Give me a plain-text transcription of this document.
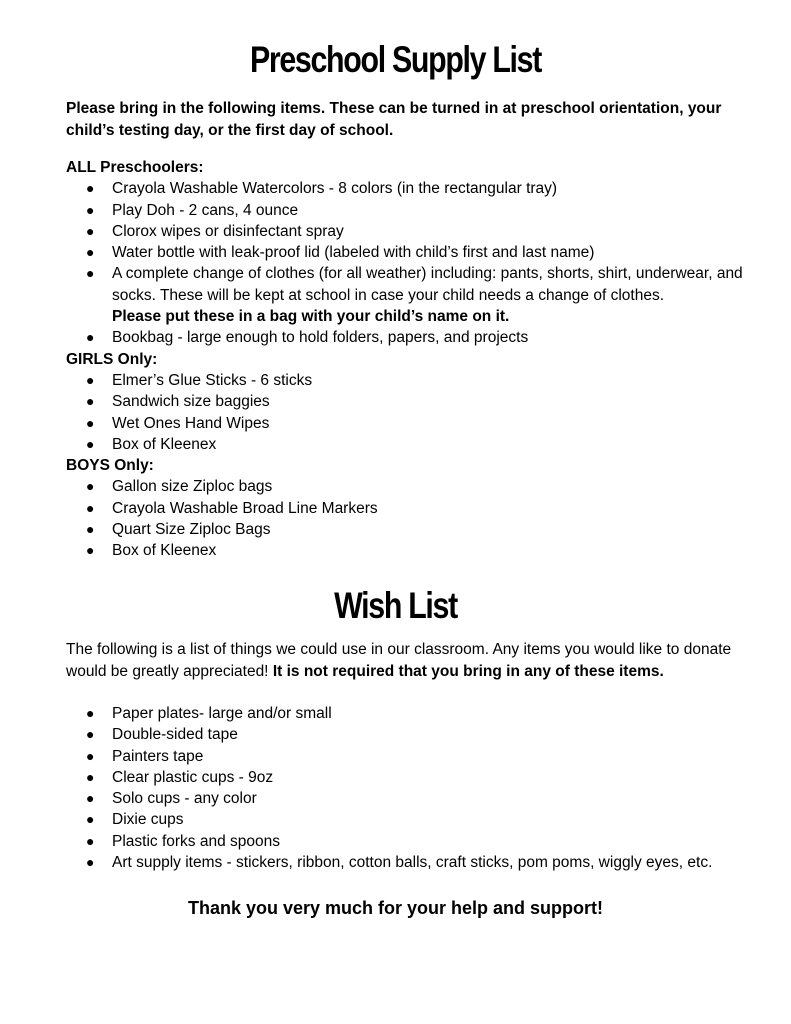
Preschool Supply List

Please bring in the following items. These can be turned in at preschool orientation, your child’s testing day, or the first day of school.

ALL Preschoolers:

● Crayola Washable Watercolors - 8 colors (in the rectangular tray)
● Play Doh - 2 cans, 4 ounce
● Clorox wipes or disinfectant spray
● Water bottle with leak-proof lid (labeled with child’s first and last name)
● A complete change of clothes (for all weather) including: pants, shorts, shirt, underwear, and socks. These will be kept at school in case your child needs a change of clothes.
Please put these in a bag with your child’s name on it.
● Bookbag - large enough to hold folders, papers, and projects

GIRLS Only:

● Elmer’s Glue Sticks - 6 sticks
● Sandwich size baggies
● Wet Ones Hand Wipes
● Box of Kleenex

BOYS Only:

● Gallon size Ziploc bags
● Crayola Washable Broad Line Markers
● Quart Size Ziploc Bags
● Box of Kleenex
Wish List

The following is a list of things we could use in our classroom. Any items you would like to donate would be greatly appreciated! It is not required that you bring in any of these items.

● Paper plates- large and/or small
● Double-sided tape
● Painters tape
● Clear plastic cups - 9oz
● Solo cups - any color
● Dixie cups
● Plastic forks and spoons
● Art supply items - stickers, ribbon, cotton balls, craft sticks, pom poms, wiggly eyes, etc.

Thank you very much for your help and support!
